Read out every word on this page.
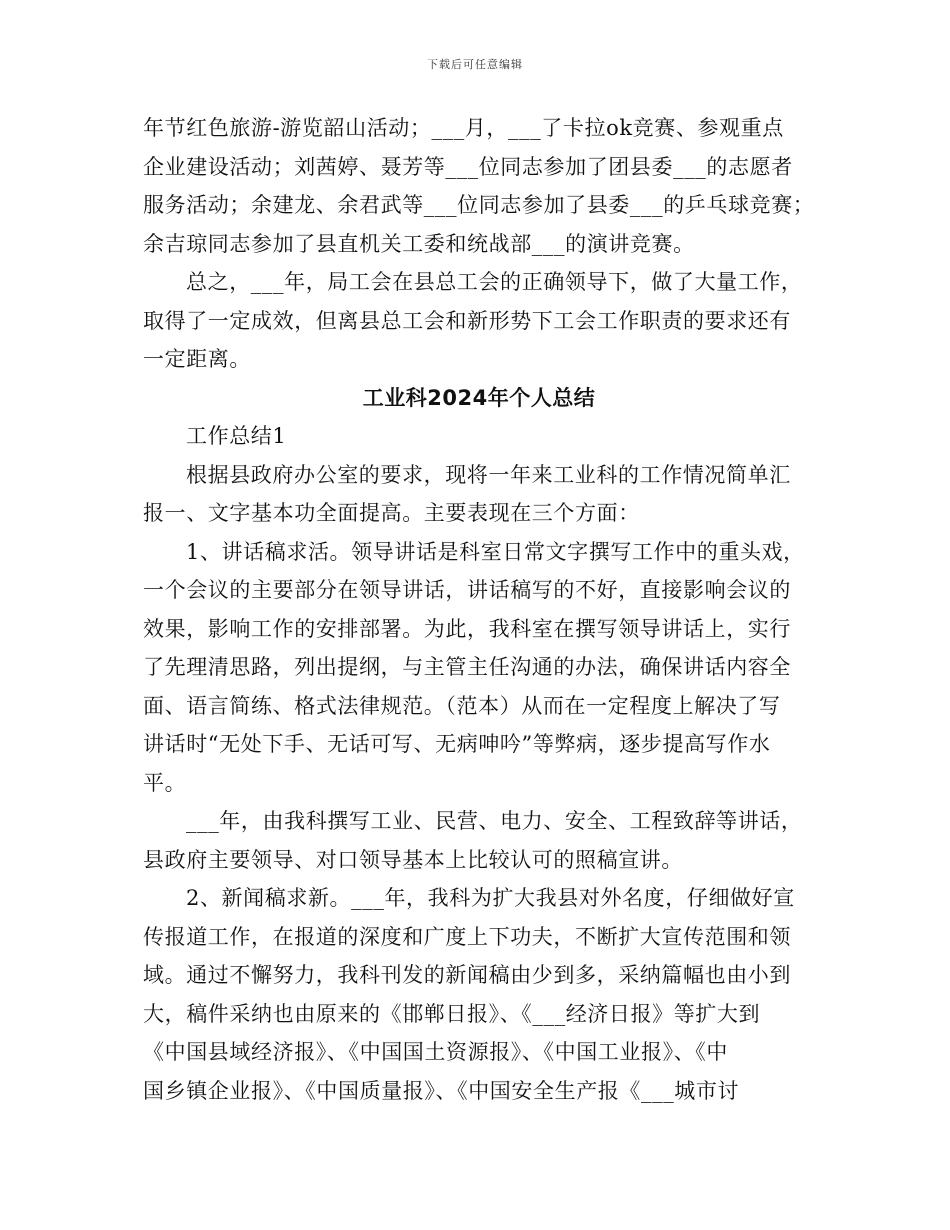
下载后可任意编辑
年节红色旅游-游览韶山活动；___月，___了卡拉ok竞赛、参观重点
企业建设活动；刘茜婷、聂芳等___位同志参加了团县委___的志愿者
服务活动；余建龙、余君武等___位同志参加了县委___的乒乓球竞赛；
余吉琼同志参加了县直机关工委和统战部___的演讲竞赛。
总之，___年，局工会在县总工会的正确领导下，做了大量工作，
取得了一定成效，但离县总工会和新形势下工会工作职责的要求还有
一定距离。
工业科2024年个人总结
工作总结1
根据县政府办公室的要求，现将一年来工业科的工作情况简单汇
报一、文字基本功全面提高。主要表现在三个方面：
1、讲话稿求活。领导讲话是科室日常文字撰写工作中的重头戏，
一个会议的主要部分在领导讲话，讲话稿写的不好，直接影响会议的
效果，影响工作的安排部署。为此，我科室在撰写领导讲话上，实行
了先理清思路，列出提纲，与主管主任沟通的办法，确保讲话内容全
面、语言简练、格式法律规范。（范本）从而在一定程度上解决了写
讲话时“无处下手、无话可写、无病呻吟”等弊病，逐步提高写作水
平。
___年，由我科撰写工业、民营、电力、安全、工程致辞等讲话，
县政府主要领导、对口领导基本上比较认可的照稿宣讲。
2、新闻稿求新。___年，我科为扩大我县对外名度，仔细做好宣
传报道工作，在报道的深度和广度上下功夫，不断扩大宣传范围和领
域。通过不懈努力，我科刊发的新闻稿由少到多，采纳篇幅也由小到
大，稿件采纳也由原来的《邯郸日报》、《___经济日报》等扩大到
《中国县域经济报》、《中国国土资源报》、《中国工业报》、《中
国乡镇企业报》、《中国质量报》、《中国安全生产报《___城市讨
